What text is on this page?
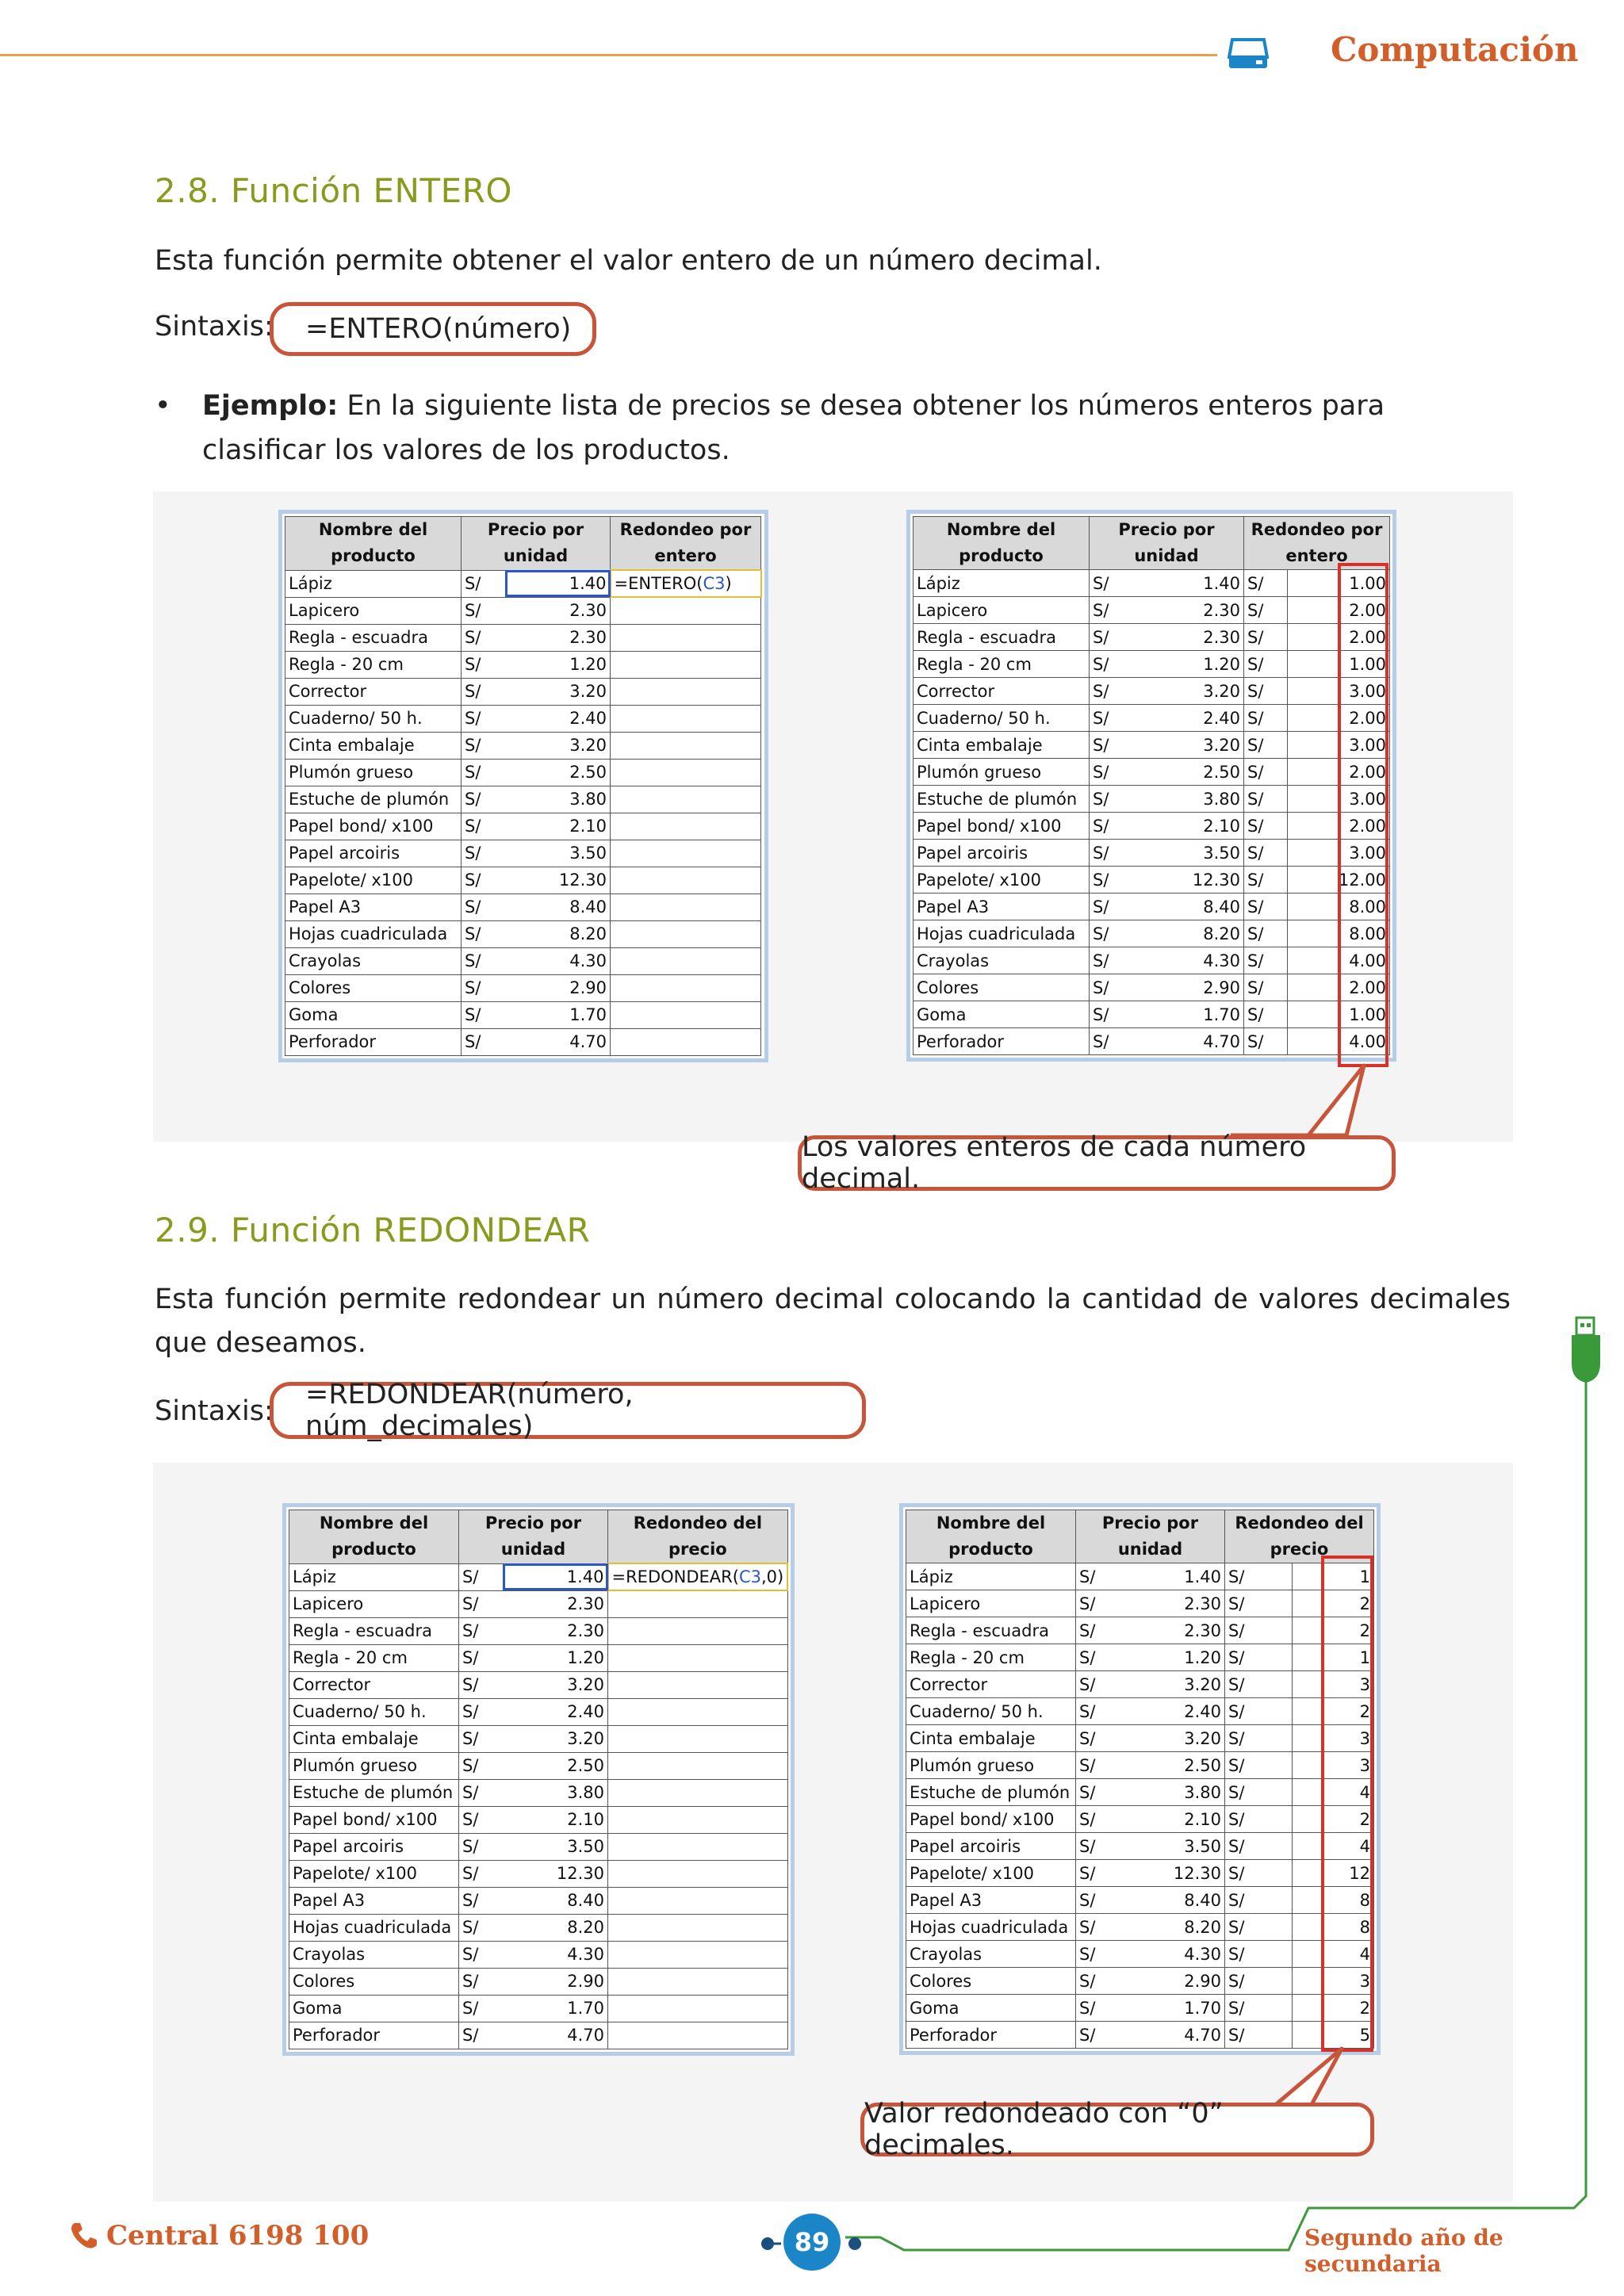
Computación
2.8. Función ENTERO
Esta función permite obtener el valor entero de un número decimal.
Sintaxis: =ENTERO(número)
• Ejemplo: En la siguiente lista de precios se desea obtener los números enteros para clasificar los valores de los productos.
Nombre del producto	Precio por unidad		Redondeo por entero
Lápiz	S/	1.40	=ENTERO(C3)
Lapicero	S/	2.30	
Regla - escuadra	S/	2.30	
Regla - 20 cm	S/	1.20	
Corrector	S/	3.20	
Cuaderno/ 50 h.	S/	2.40	
Cinta embalaje	S/	3.20	
Plumón grueso	S/	2.50	
Estuche de plumón	S/	3.80	
Papel bond/ x100	S/	2.10	
Papel arcoiris	S/	3.50	
Papelote/ x100	S/	12.30	
Papel A3	S/	8.40	
Hojas cuadriculada	S/	8.20	
Crayolas	S/	4.30	
Colores	S/	2.90	
Goma	S/	1.70	
Perforador	S/	4.70	
Nombre del producto	Precio por unidad		Redondeo por entero	
Lápiz	S/	1.40	S/	1.00
Lapicero	S/	2.30	S/	2.00
Regla - escuadra	S/	2.30	S/	2.00
Regla - 20 cm	S/	1.20	S/	1.00
Corrector	S/	3.20	S/	3.00
Cuaderno/ 50 h.	S/	2.40	S/	2.00
Cinta embalaje	S/	3.20	S/	3.00
Plumón grueso	S/	2.50	S/	2.00
Estuche de plumón	S/	3.80	S/	3.00
Papel bond/ x100	S/	2.10	S/	2.00
Papel arcoiris	S/	3.50	S/	3.00
Papelote/ x100	S/	12.30	S/	12.00
Papel A3	S/	8.40	S/	8.00
Hojas cuadriculada	S/	8.20	S/	8.00
Crayolas	S/	4.30	S/	4.00
Colores	S/	2.90	S/	2.00
Goma	S/	1.70	S/	1.00
Perforador	S/	4.70	S/	4.00
Los valores enteros de cada número decimal.
2.9. Función REDONDEAR
Esta función permite redondear un número decimal colocando la cantidad de valores decimales que deseamos.
Sintaxis:
=REDONDEAR(número, núm_decimales)
Nombre del producto	Precio por unidad		Redondeo del precio
Lápiz	S/	1.40	=REDONDEAR(C3,0)
Lapicero	S/	2.30	
Regla - escuadra	S/	2.30	
Regla - 20 cm	S/	1.20	
Corrector	S/	3.20	
Cuaderno/ 50 h.	S/	2.40	
Cinta embalaje	S/	3.20	
Plumón grueso	S/	2.50	
Estuche de plumón	S/	3.80	
Papel bond/ x100	S/	2.10	
Papel arcoiris	S/	3.50	
Papelote/ x100	S/	12.30	
Papel A3	S/	8.40	
Hojas cuadriculada	S/	8.20	
Crayolas	S/	4.30	
Colores	S/	2.90	
Goma	S/	1.70	
Perforador	S/	4.70	
Nombre del producto	Precio por unidad		Redondeo del precio	
Lápiz	S/	1.40	S/	1
Lapicero	S/	2.30	S/	2
Regla - escuadra	S/	2.30	S/	2
Regla - 20 cm	S/	1.20	S/	1
Corrector	S/	3.20	S/	3
Cuaderno/ 50 h.	S/	2.40	S/	2
Cinta embalaje	S/	3.20	S/	3
Plumón grueso	S/	2.50	S/	3
Estuche de plumón	S/	3.80	S/	4
Papel bond/ x100	S/	2.10	S/	2
Papel arcoiris	S/	3.50	S/	4
Papelote/ x100	S/	12.30	S/	12
Papel A3	S/	8.40	S/	8
Hojas cuadriculada	S/	8.20	S/	8
Crayolas	S/	4.30	S/	4
Colores	S/	2.90	S/	3
Goma	S/	1.70	S/	2
Perforador	S/	4.70	S/	5
Valor redondeado con “0” decimales.
Central 6198 100	89	Segundo año de secundaria
